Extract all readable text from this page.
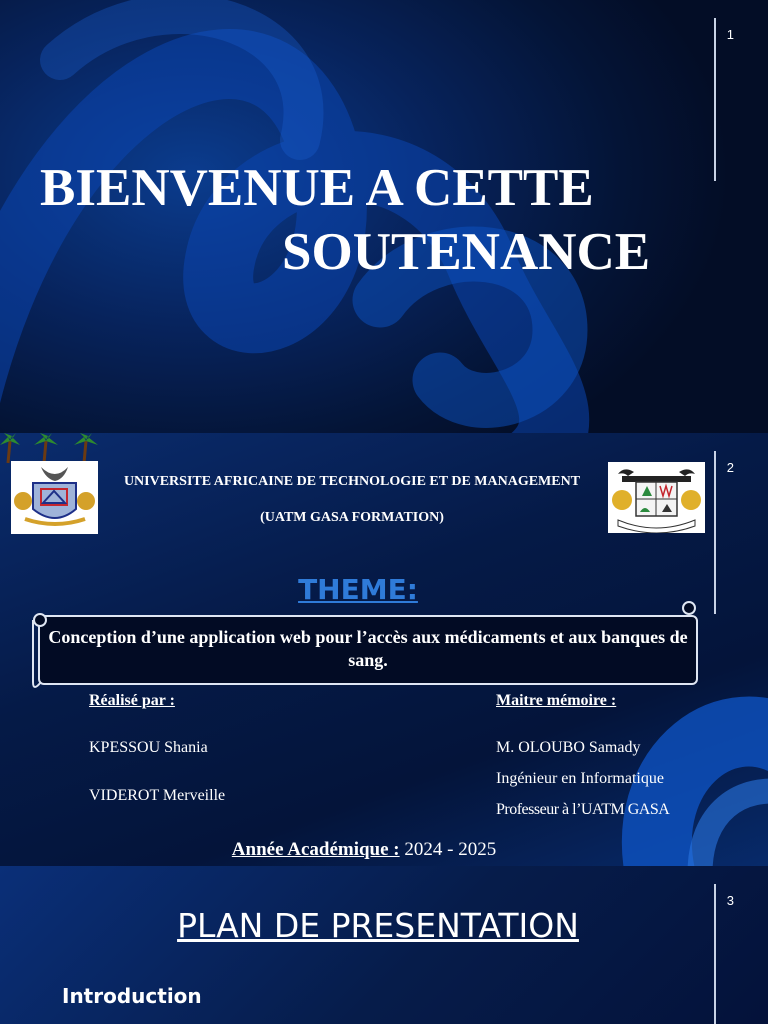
1
BIENVENUE A CETTE
SOUTENANCE
UNIVERSITE AFRICAINE DE TECHNOLOGIE ET DE MANAGEMENT
(UATM GASA FORMATION)
2
THEME:
Conception d’une application web pour l’accès aux médicaments et aux banques de sang.
Réalisé par :
KPESSOU Shania
VIDEROT Merveille
Maitre mémoire :
M. OLOUBO Samady
Ingénieur en Informatique
Professeur à l’UATM GASA
Année Académique : 2024 - 2025
3
PLAN DE PRESENTATION
Introduction
